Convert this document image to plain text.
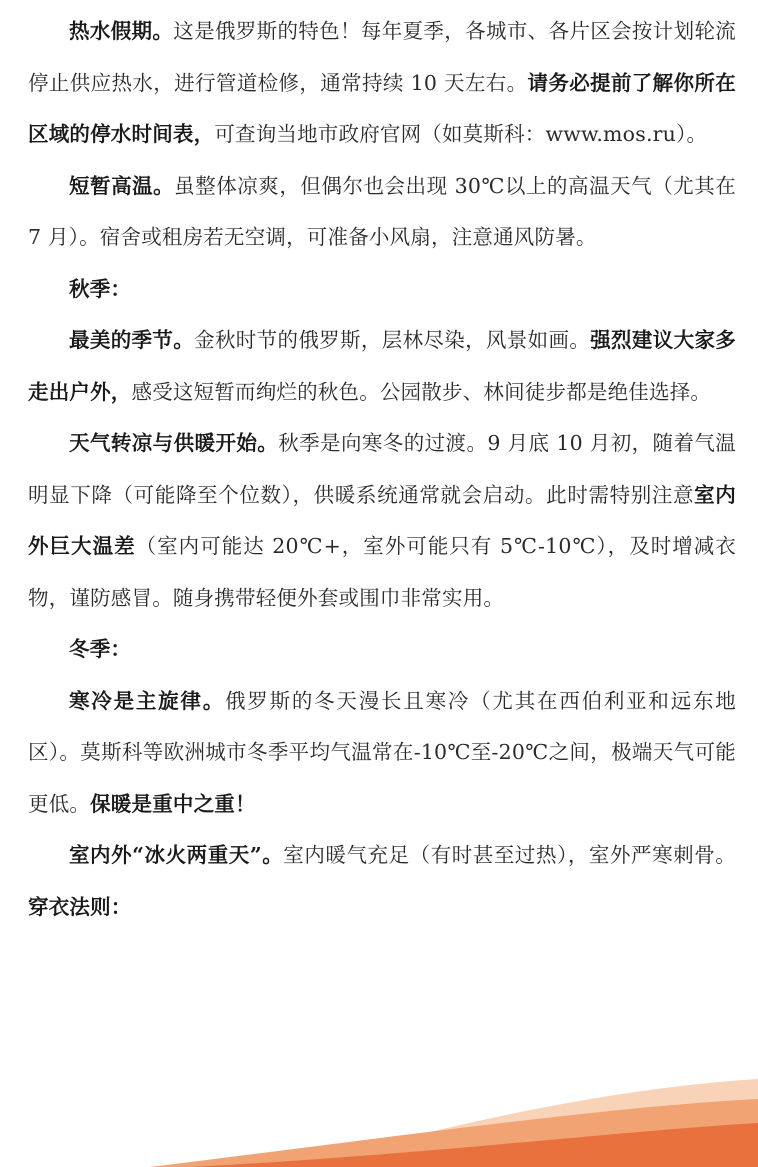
热水假期。这是俄罗斯的特色！每年夏季，各城市、各片区会按计划轮流停止供应热水，进行管道检修，通常持续 10 天左右。请务必提前了解你所在区域的停水时间表，可查询当地市政府官网（如莫斯科：www.mos.ru）。

短暂高温。虽整体凉爽，但偶尔也会出现 30℃以上的高温天气（尤其在 7 月）。宿舍或租房若无空调，可准备小风扇，注意通风防暑。

秋季：

最美的季节。金秋时节的俄罗斯，层林尽染，风景如画。强烈建议大家多走出户外，感受这短暂而绚烂的秋色。公园散步、林间徒步都是绝佳选择。

天气转凉与供暖开始。秋季是向寒冬的过渡。9 月底 10 月初，随着气温明显下降（可能降至个位数），供暖系统通常就会启动。此时需特别注意室内外巨大温差（室内可能达 20℃+，室外可能只有 5℃-10℃），及时增减衣物，谨防感冒。随身携带轻便外套或围巾非常实用。

冬季：

寒冷是主旋律。俄罗斯的冬天漫长且寒冷（尤其在西伯利亚和远东地区）。莫斯科等欧洲城市冬季平均气温常在-10℃至-20℃之间，极端天气可能更低。保暖是重中之重！

室内外“冰火两重天”。室内暖气充足（有时甚至过热），室外严寒刺骨。穿衣法则：
